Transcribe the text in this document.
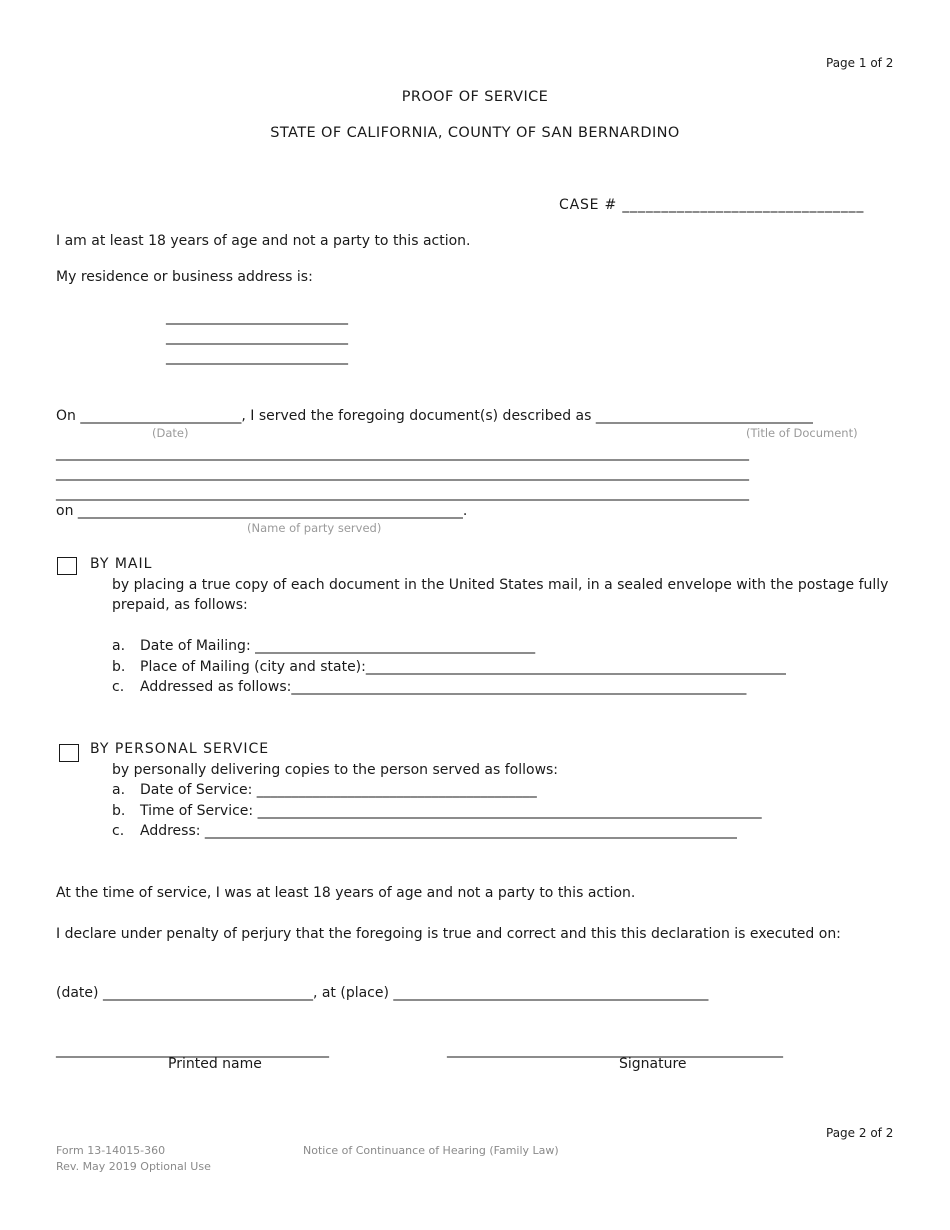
Page 1 of 2
PROOF OF SERVICE
STATE OF CALIFORNIA, COUNTY OF SAN BERNARDINO
CASE # _______________________________
I am at least 18 years of age and not a party to this action.
My residence or business address is:
__________________________
__________________________
__________________________
On _______________________, I served the foregoing document(s) described as _______________________________
(Date)	(Title of Document)
___________________________________________________________________________________________________
___________________________________________________________________________________________________
___________________________________________________________________________________________________
on _______________________________________________________.
(Name of party served)
BY MAIL
by placing a true copy of each document in the United States mail, in a sealed envelope with the postage fully
prepaid, as follows:
a. Date of Mailing: ________________________________________
b. Place of Mailing (city and state):____________________________________________________________
c. Addressed as follows:_________________________________________________________________
BY PERSONAL SERVICE
by personally delivering copies to the person served as follows:
a. Date of Service: ________________________________________
b. Time of Service: ________________________________________________________________________
c. Address: ____________________________________________________________________________
At the time of service, I was at least 18 years of age and not a party to this action.
I declare under penalty of perjury that the foregoing is true and correct and this this declaration is executed on:
(date) ______________________________, at (place) _____________________________________________
_______________________________________
Printed name
________________________________________________
Signature
Page 2 of 2
Form 13-14015-360
Rev. May 2019 Optional Use
Notice of Continuance of Hearing (Family Law)
